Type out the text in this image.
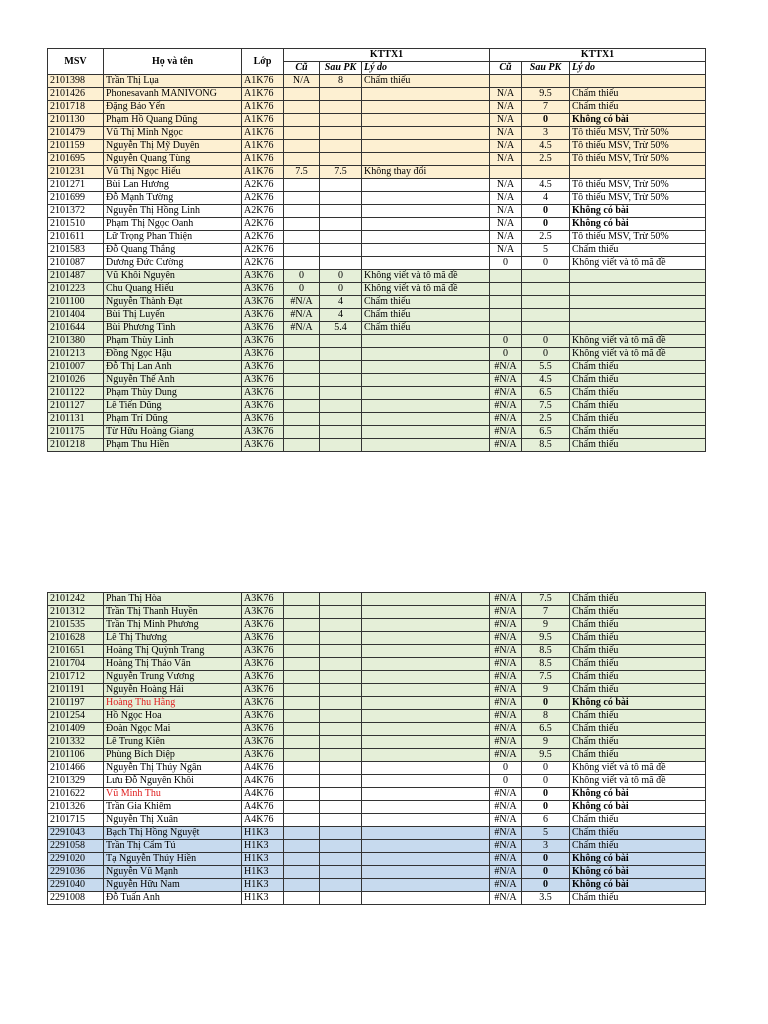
MSV	Họ và tên	Lớp	KTTX1			KTTX1		
			Cũ	Sau PK	Lý do	Cũ	Sau PK	Lý do
2101398	Trần Thị Lụa	A1K76	N/A	8	Chấm thiếu			
2101426	Phonesavanh MANIVONG	A1K76				N/A	9.5	Chấm thiếu
2101718	Đặng Bảo Yến	A1K76				N/A	7	Chấm thiếu
2101130	Phạm Hồ Quang Dũng	A1K76				N/A	0	Không có bài
2101479	Vũ Thị Minh Ngọc	A1K76				N/A	3	Tô thiếu MSV, Trừ 50%
2101159	Nguyễn Thị Mỹ Duyên	A1K76				N/A	4.5	Tô thiếu MSV, Trừ 50%
2101695	Nguyễn Quang Tùng	A1K76				N/A	2.5	Tô thiếu MSV, Trừ 50%
2101231	Vũ Thị Ngọc Hiếu	A1K76	7.5	7.5	Không thay đổi			
2101271	Bùi Lan Hương	A2K76				N/A	4.5	Tô thiếu MSV, Trừ 50%
2101699	Đỗ Mạnh Tường	A2K76				N/A	4	Tô thiếu MSV, Trừ 50%
2101372	Nguyễn Thị Hồng Linh	A2K76				N/A	0	Không có bài
2101510	Phạm Thị Ngọc Oanh	A2K76				N/A	0	Không có bài
2101611	Lữ Trọng Phan Thiện	A2K76				N/A	2.5	Tô thiếu MSV, Trừ 50%
2101583	Đỗ Quang Thắng	A2K76				N/A	5	Chấm thiếu
2101087	Dương Đức Cường	A2K76				0	0	Không viết và tô mã đề
2101487	Vũ Khôi Nguyên	A3K76	0	0	Không viết và tô mã đề			
2101223	Chu Quang Hiếu	A3K76	0	0	Không viết và tô mã đề			
2101100	Nguyễn Thành Đạt	A3K76	#N/A	4	Chấm thiếu			
2101404	Bùi Thị Luyến	A3K76	#N/A	4	Chấm thiếu			
2101644	Bùi Phương Tình	A3K76	#N/A	5.4	Chấm thiếu			
2101380	Phạm Thùy Linh	A3K76				0	0	Không viết và tô mã đề
2101213	Đồng Ngọc Hậu	A3K76				0	0	Không viết và tô mã đề
2101007	Đỗ Thị Lan Anh	A3K76				#N/A	5.5	Chấm thiếu
2101026	Nguyễn Thế Anh	A3K76				#N/A	4.5	Chấm thiếu
2101122	Phạm Thùy Dung	A3K76				#N/A	6.5	Chấm thiếu
2101127	Lê Tiến Dũng	A3K76				#N/A	7.5	Chấm thiếu
2101131	Phạm Trí Dũng	A3K76				#N/A	2.5	Chấm thiếu
2101175	Từ Hữu Hoàng Giang	A3K76				#N/A	6.5	Chấm thiếu
2101218	Phạm Thu Hiền	A3K76				#N/A	8.5	Chấm thiếu
2101242	Phan Thị Hòa	A3K76				#N/A	7.5	Chấm thiếu
2101312	Trần Thị Thanh Huyền	A3K76				#N/A	7	Chấm thiếu
2101535	Trần Thị Minh Phương	A3K76				#N/A	9	Chấm thiếu
2101628	Lê Thị Thương	A3K76				#N/A	9.5	Chấm thiếu
2101651	Hoàng Thị Quỳnh Trang	A3K76				#N/A	8.5	Chấm thiếu
2101704	Hoàng Thị Thảo Vân	A3K76				#N/A	8.5	Chấm thiếu
2101712	Nguyễn Trung Vương	A3K76				#N/A	7.5	Chấm thiếu
2101191	Nguyễn Hoàng Hải	A3K76				#N/A	9	Chấm thiếu
2101197	Hoàng Thu Hằng	A3K76				#N/A	0	Không có bài
2101254	Hồ Ngọc Hoa	A3K76				#N/A	8	Chấm thiếu
2101409	Đoàn Ngọc Mai	A3K76				#N/A	6.5	Chấm thiếu
2101332	Lê Trung Kiên	A3K76				#N/A	9	Chấm thiếu
2101106	Phùng Bích Diệp	A3K76				#N/A	9.5	Chấm thiếu
2101466	Nguyễn Thị Thúy Ngân	A4K76				0	0	Không viết và tô mã đề
2101329	Lưu Đỗ Nguyên Khôi	A4K76				0	0	Không viết và tô mã đề
2101622	Vũ Minh Thu	A4K76				#N/A	0	Không có bài
2101326	Trần Gia Khiêm	A4K76				#N/A	0	Không có bài
2101715	Nguyễn Thị Xuân	A4K76				#N/A	6	Chấm thiếu
2291043	Bạch Thị Hồng Nguyệt	H1K3				#N/A	5	Chấm thiếu
2291058	Trần Thị Cẩm Tú	H1K3				#N/A	3	Chấm thiếu
2291020	Tạ Nguyễn Thúy Hiền	H1K3				#N/A	0	Không có bài
2291036	Nguyễn Vũ Mạnh	H1K3				#N/A	0	Không có bài
2291040	Nguyễn Hữu Nam	H1K3				#N/A	0	Không có bài
2291008	Đỗ Tuấn Anh	H1K3				#N/A	3.5	Chấm thiếu
